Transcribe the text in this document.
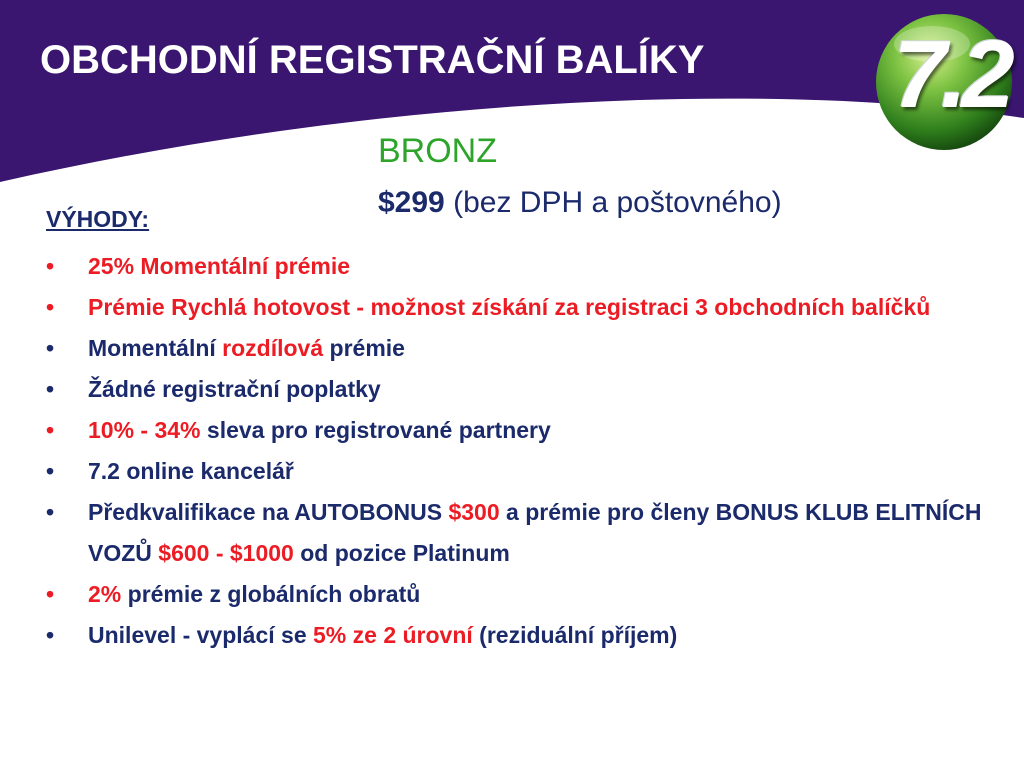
OBCHODNÍ REGISTRAČNÍ BALÍKY 7.2
BRONZ
$299 (bez DPH a poštovného)
VÝHODY:
•	25% Momentální prémie
•	Prémie Rychlá hotovost - možnost získání za registraci 3 obchodních balíčků
•	Momentální rozdílová prémie
•	Žádné registrační poplatky
•	10% - 34% sleva pro registrované partnery
•	7.2 online kancelář
•	Předkvalifikace na AUTOBONUS $300 a prémie pro členy BONUS KLUB ELITNÍCH VOZŮ $600 - $1000 od pozice Platinum
•	2% prémie z globálních obratů
•	Unilevel - vyplácí se 5% ze 2 úrovní (reziduální příjem)
